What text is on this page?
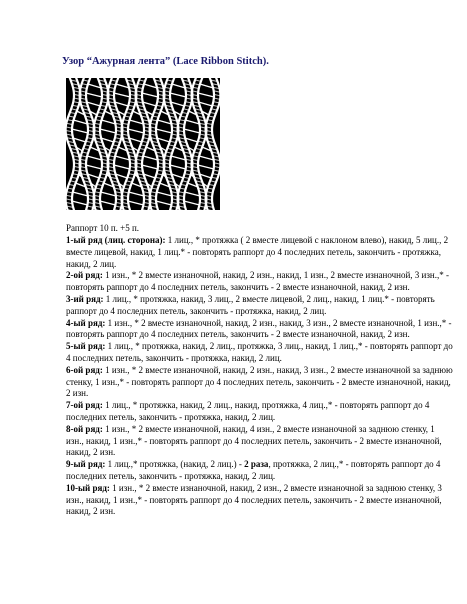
Узор “Ажурная лента” (Lace Ribbon Stitch).
Раппорт 10 п. +5 п.

1-ый ряд (лиц. сторона): 1 лиц., * протяжка ( 2 вместе лицевой с наклоном влево), накид, 5 лиц., 2 вместе лицевой, накид, 1 лиц.* - повторять раппорт до 4 последних петель, закончить - протяжка, накид, 2 лиц.

2-ой ряд: 1 изн., * 2 вместе изнаночной, накид, 2 изн., накид, 1 изн., 2 вместе изнаночной, 3 изн.,* - повторять раппорт до 4 последних петель, закончить - 2 вместе изнаночной, накид, 2 изн.

3-ий ряд: 1 лиц., * протяжка, накид, 3 лиц., 2 вместе лицевой, 2 лиц., накид, 1 лиц.* - повторять раппорт до 4 последних петель, закончить - протяжка, накид, 2 лиц.

4-ый ряд: 1 изн., * 2 вместе изнаночной, накид, 2 изн., накид, 3 изн., 2 вместе изнаночной, 1 изн.,* - повторять раппорт до 4 последних петель, закончить - 2 вместе изнаночной, накид, 2 изн.

5-ый ряд: 1 лиц., * протяжка, накид, 2 лиц., протяжка, 3 лиц., накид, 1 лиц.,* - повторять раппорт до 4 последних петель, закончить - протяжка, накид, 2 лиц.

6-ой ряд: 1 изн., * 2 вместе изнаночной, накид, 2 изн., накид, 3 изн., 2 вместе изнаночной за заднюю стенку, 1 изн.,* - повторять раппорт до 4 последних петель, закончить - 2 вместе изнаночной, накид, 2 изн.

7-ой ряд: 1 лиц., * протяжка, накид, 2 лиц., накид, протяжка, 4 лиц.,* - повторять раппорт до 4 последних петель, закончить - протяжка, накид, 2 лиц.

8-ой ряд: 1 изн., * 2 вместе изнаночной, накид, 4 изн., 2 вместе изнаночной за заднюю стенку, 1 изн., накид, 1 изн.,* - повторять раппорт до 4 последних петель, закончить - 2 вместе изнаночной, накид, 2 изн.

9-ый ряд: 1 лиц.,* протяжка, (накид, 2 лиц.) - 2 раза, протяжка, 2 лиц.,* - повторять раппорт до 4 последних петель, закончить - протяжка, накид, 2 лиц.

10-ый ряд: 1 изн., * 2 вместе изнаночной, накид, 2 изн., 2 вместе изнаночной за заднюю стенку, 3 изн., накид, 1 изн.,* - повторять раппорт до 4 последних петель, закончить - 2 вместе изнаночной, накид, 2 изн.
